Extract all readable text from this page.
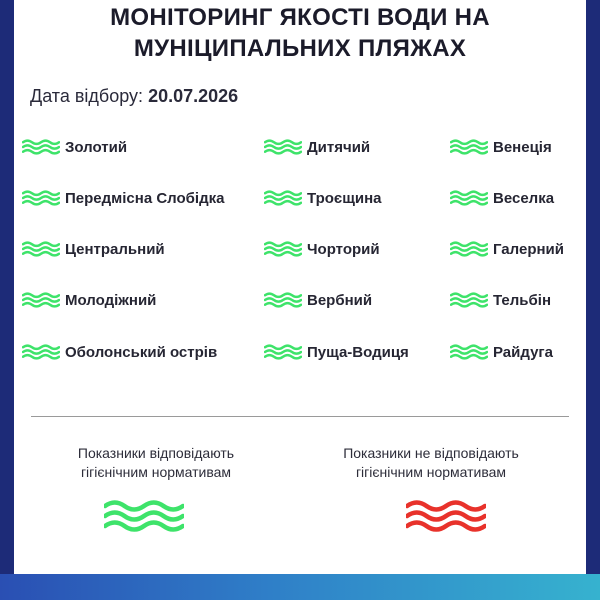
МОНІТОРИНГ ЯКОСТІ ВОДИ НА
МУНІЦИПАЛЬНИХ ПЛЯЖАХ
Дата відбору: 20.07.2026
Золотий
Передмісна Слобідка
Центральний
Молодіжний
Оболонський острів
Дитячий
Троєщина
Чорторий
Вербний
Пуща-Водиця
Венеція
Веселка
Галерний
Тельбін
Райдуга
Показники відповідають
гігієнічним нормативам
Показники не відповідають
гігієнічним нормативам
